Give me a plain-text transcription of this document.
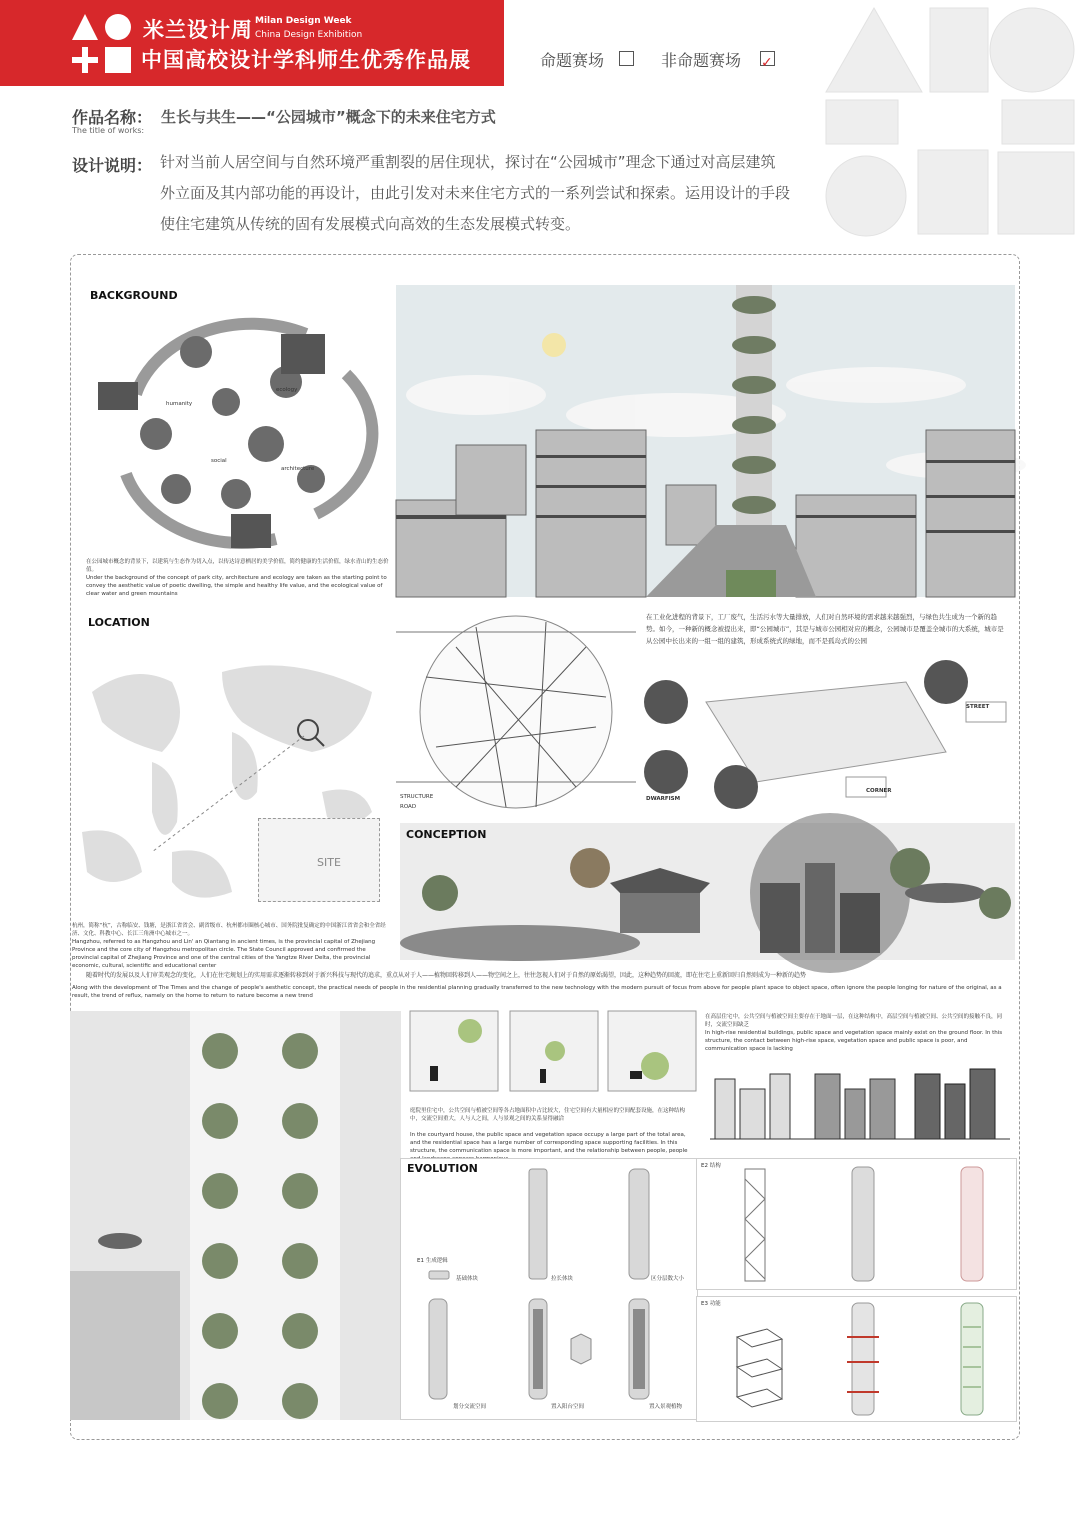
米兰设计周 Milan Design Week
China Design Exhibition
中国高校设计学科师生优秀作品展	命题赛场	非命题赛场 ✓
作品名称：
The title of works:
生长与共生——“公园城市”概念下的未来住宅方式
设计说明： 针对当前人居空间与自然环境严重割裂的居住现状，探讨在“公园城市”理念下通过对高层建筑
外立面及其内部功能的再设计，由此引发对未来住宅方式的一系列尝试和探索。运用设计的手段
使住宅建筑从传统的固有发展模式向高效的生态发展模式转变。
BACKGROUND
ecology
humanity
social
architecture
在公园城市概念的背景下，以建筑与生态作为切入点，以传达诗意栖居的美学价值，简约健康的生活价值，绿水青山的生态价值。
Under the background of the concept of park city, architecture and ecology are taken as the starting point to convey the aesthetic value of poetic dwelling, the simple and healthy life value, and the ecological value of clear water and green mountains
LOCATION
SITE
杭州，简称“杭”，古称临安、钱塘，是浙江省省会、副省级市、杭州都市圈核心城市、国务院批复确定的中国浙江省省会和全省经济、文化、科教中心、长江三角洲中心城市之一。
Hangzhou, referred to as Hangzhou and Lin' an Qiantang in ancient times, is the provincial capital of Zhejiang Province and the core city of Hangzhou metropolitan circle. The State Council approved and confirmed the provincial capital of Zhejiang Province and one of the central cities of the Yangtze River Delta, the provincial economic, cultural, scientific and educational center
在工业化进程的背景下，工厂废气，生活污水等大量排放，人们对自然环境的需求越来越强烈，与绿色共生成为一个新的趋势。如今，一种新的概念被提出来，即“公园城市”，其是与城市公园相对应的概念，公园城市是覆盖全城市的大系统，城市是从公园中长出来的一组一组的建筑，形成系统式的绿地，而不是孤岛式的公园
STREET
DWARFISM
CORNER
ROAD
STRUCTURE
CONCEPTION
随着时代的发展以及人们审美观念的变化，人们在住宅规划上的实用需求逐渐转移到对于新兴科技与现代的追求，重点从对于人——植物回转移到人——物空间之上，往往忽视人们对于自然的原始渴望，因此，这种趋势的回流，即在住宅上重新回归自然则成为一种新的趋势
Along with the development of The Times and the change of people's aesthetic concept, the practical needs of people in the residential planning gradually transferred to the new technology with the modern pursuit of focus from above for people plant space to object space, often ignore the people longing for nature of the original, as a result, the trend of reflux, namely on the home to return to nature become a new trend
庭院里住宅中，公共空间与植被空间等各占地面积中占比较大，住宅空间有大量相应的空间配套设施，在这种结构中，交流空间重大，人与人之间，人与景观之间的关系显得融洽
In the courtyard house, the public space and vegetation space occupy a large part of the total area, and the residential space has a large number of corresponding space supporting facilities. In this structure, the communication space is more important, and the relationship between people, people
在高层住宅中，公共空间与植被空间主要存在于地面一层，在这种结构中，高层空间与植被空间、公共空间的接触不良，同时，交流空间缺乏
In high-rise residential buildings, public space and vegetation space mainly exist on the ground floor. In this structure, the contact between high-rise space, vegetation space and public space is poor, and communication space is lacking
EVOLUTION
E1 生成逻辑
基础体块	拉长体块	区分层数大小
划分交流空间	置入阳台空间	置入景观植物
E2 结构
E3 功能
